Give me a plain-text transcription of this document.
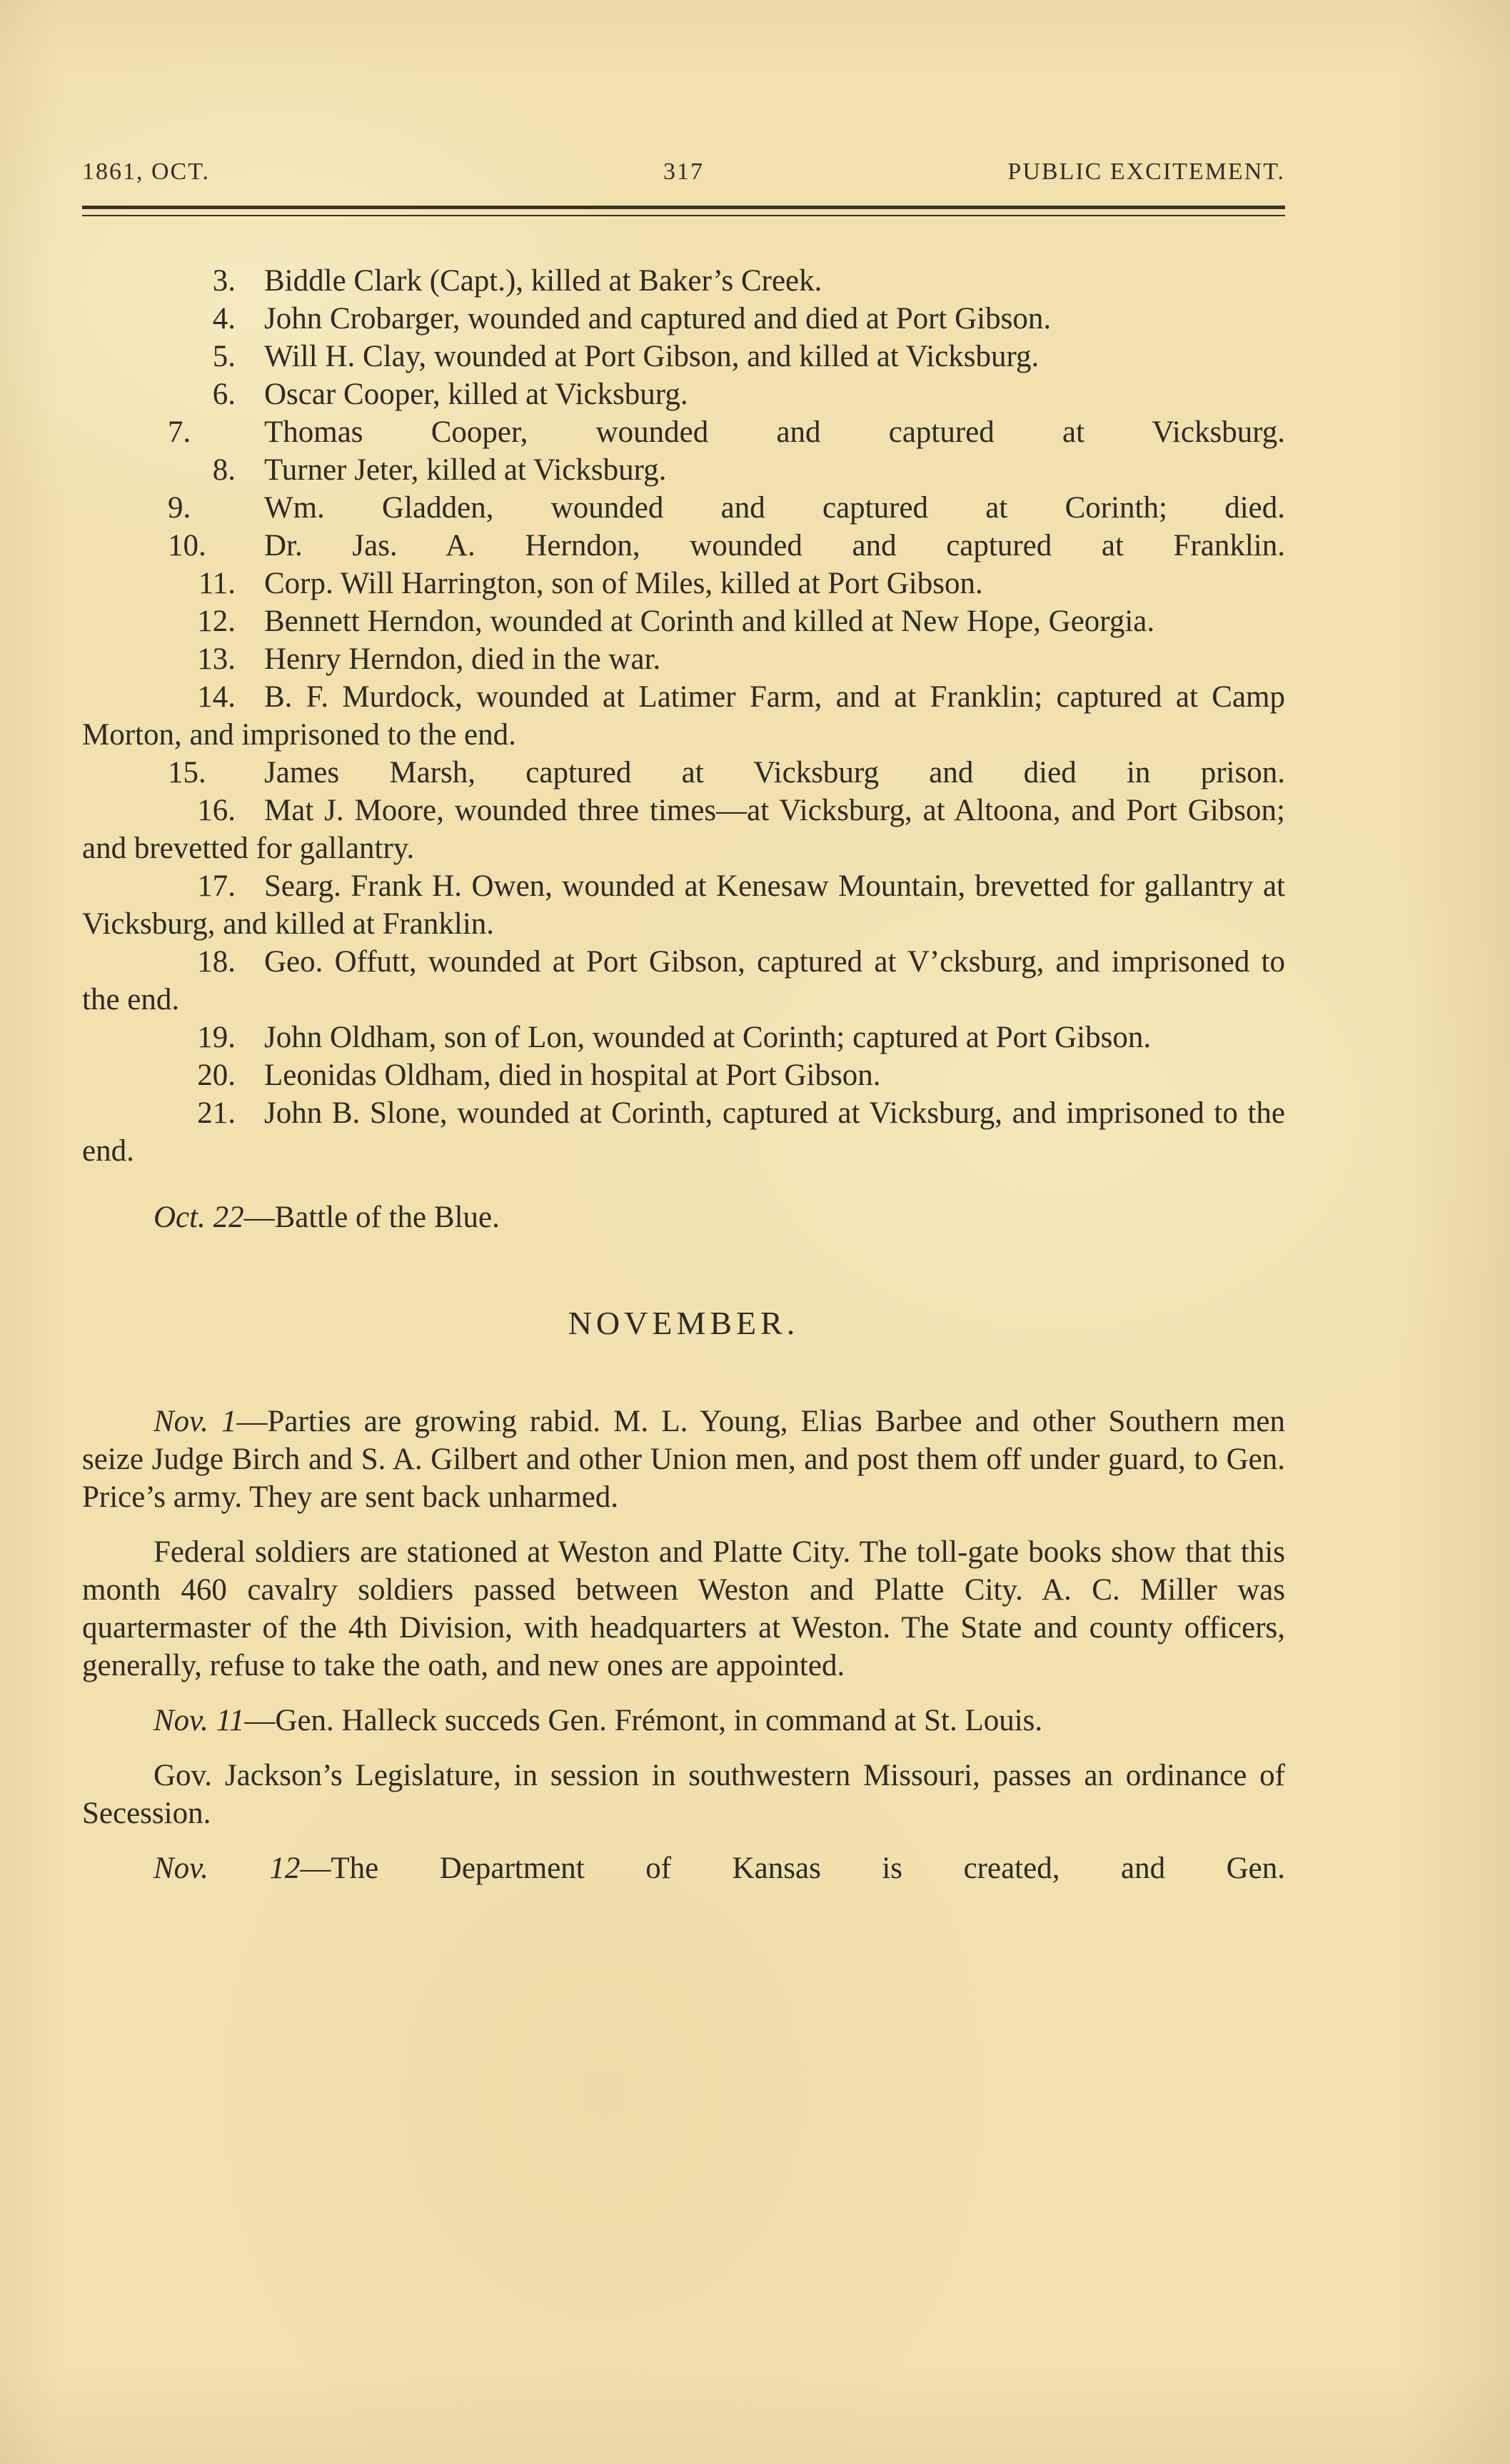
1861, OCT.	317	PUBLIC EXCITEMENT.

3. Biddle Clark (Capt.), killed at Baker’s Creek.

4. John Crobarger, wounded and captured and died at Port Gibson.

5. Will H. Clay, wounded at Port Gibson, and killed at Vicksburg.

6. Oscar Cooper, killed at Vicksburg.

7. Thomas Cooper, wounded and captured at Vicksburg.

8. Turner Jeter, killed at Vicksburg.

9. Wm. Gladden, wounded and captured at Corinth; died.

10. Dr. Jas. A. Herndon, wounded and captured at Franklin.

11. Corp. Will Harrington, son of Miles, killed at Port Gibson.

12. Bennett Herndon, wounded at Corinth and killed at New Hope, Georgia.

13. Henry Herndon, died in the war.

14. B. F. Murdock, wounded at Latimer Farm, and at Franklin; captured at Camp Morton, and imprisoned to the end.

15. James Marsh, captured at Vicksburg and died in prison.

16. Mat J. Moore, wounded three times—at Vicksburg, at Altoona, and Port Gibson; and brevetted for gallantry.

17. Searg. Frank H. Owen, wounded at Kenesaw Mountain, brevetted for gallantry at Vicksburg, and killed at Franklin.

18. Geo. Offutt, wounded at Port Gibson, captured at V’cksburg, and imprisoned to the end.

19. John Oldham, son of Lon, wounded at Corinth; captured at Port Gibson.

20. Leonidas Oldham, died in hospital at Port Gibson.

21. John B. Slone, wounded at Corinth, captured at Vicksburg, and imprisoned to the end.

Oct. 22—Battle of the Blue.

NOVEMBER.

Nov. 1—Parties are growing rabid. M. L. Young, Elias Barbee and other Southern men seize Judge Birch and S. A. Gilbert and other Union men, and post them off under guard, to Gen. Price’s army. They are sent back unharmed.

Federal soldiers are stationed at Weston and Platte City. The toll-gate books show that this month 460 cavalry soldiers passed between Weston and Platte City. A. C. Miller was quartermaster of the 4th Division, with headquarters at Weston. The State and county officers, generally, refuse to take the oath, and new ones are appointed.

Nov. 11—Gen. Halleck succeds Gen. Frémont, in command at St. Louis.

Gov. Jackson’s Legislature, in session in southwestern Missouri, passes an ordinance of Secession.

Nov. 12—The Department of Kansas is created, and Gen.
